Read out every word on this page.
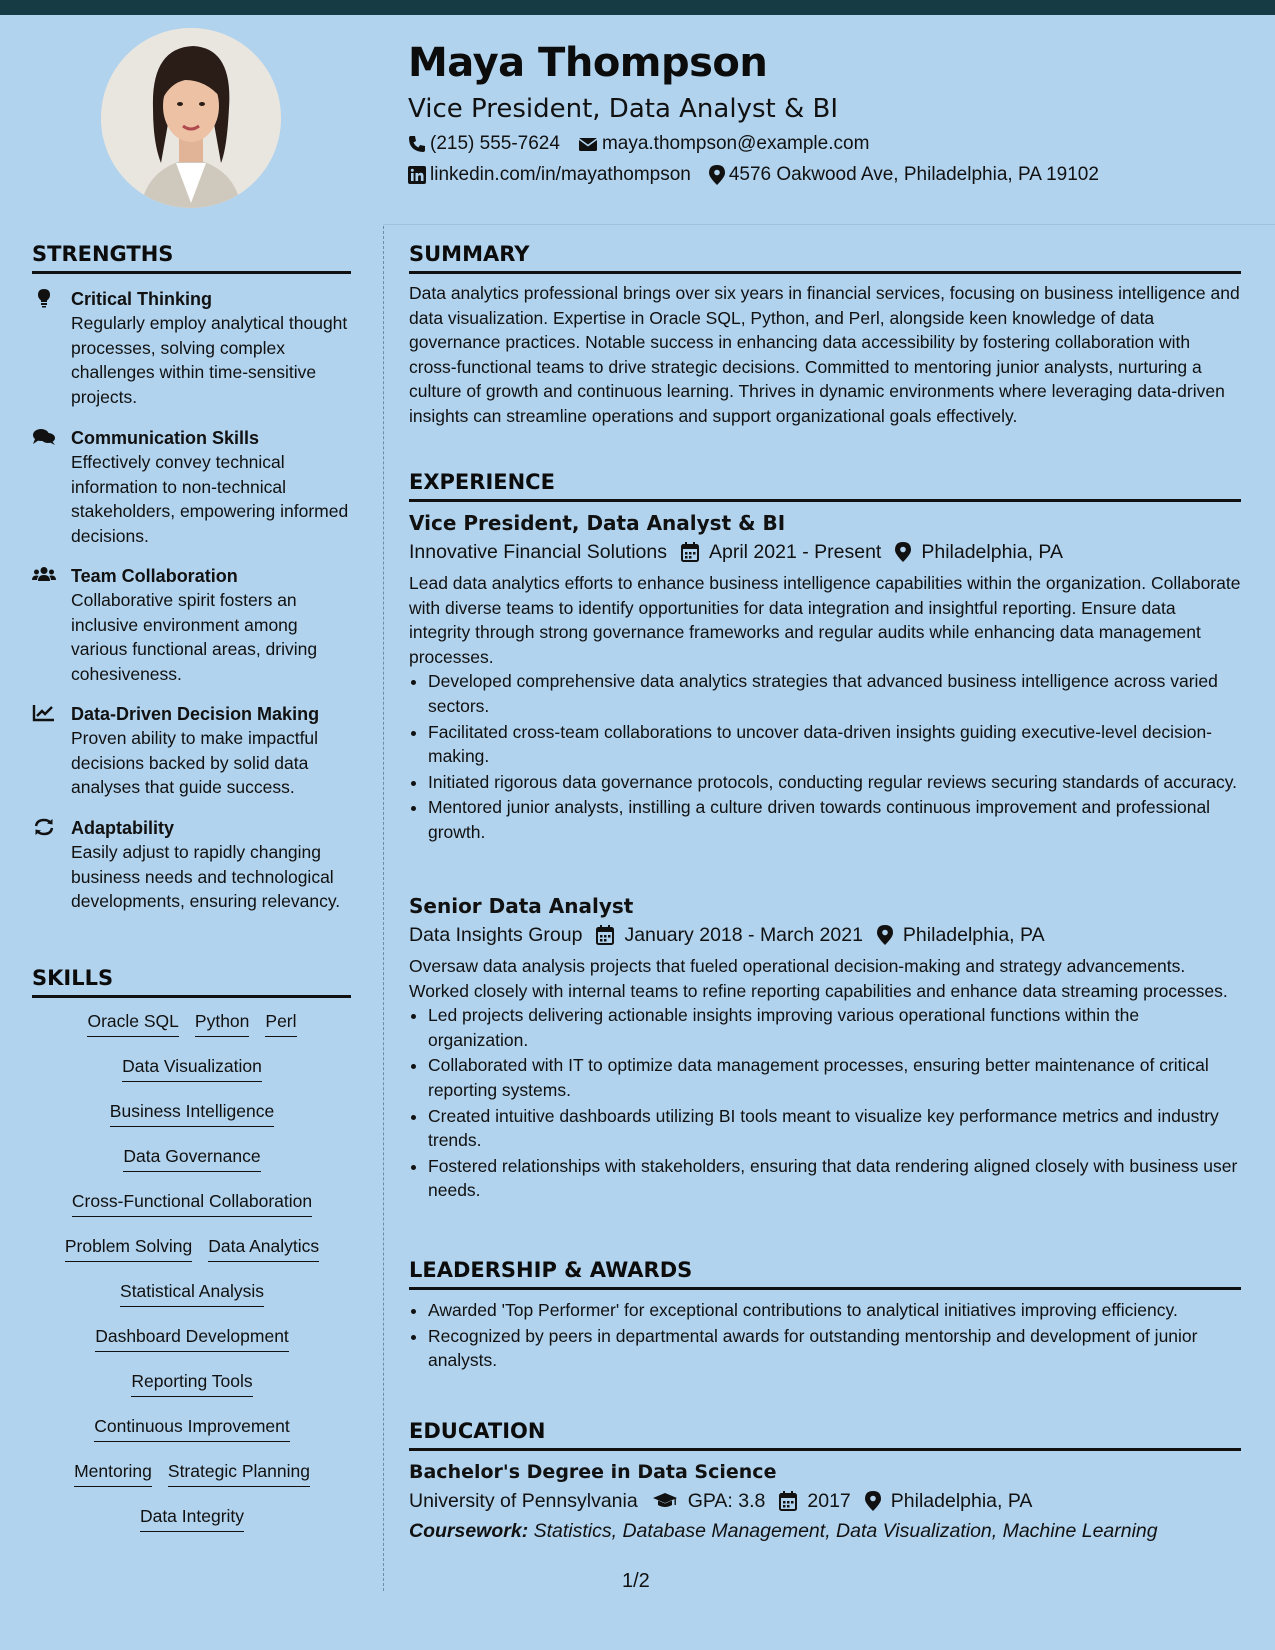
Maya Thompson
Vice President, Data Analyst & BI
(215) 555-7624 maya.thompson@example.com
linkedin.com/in/mayathompson 4576 Oakwood Ave, Philadelphia, PA 19102
STRENGTHS
Critical Thinking
Regularly employ analytical thought processes, solving complex challenges within time-sensitive projects.
Communication Skills
Effectively convey technical information to non-technical stakeholders, empowering informed decisions.
Team Collaboration
Collaborative spirit fosters an inclusive environment among various functional areas, driving cohesiveness.
Data-Driven Decision Making
Proven ability to make impactful decisions backed by solid data analyses that guide success.
Adaptability
Easily adjust to rapidly changing business needs and technological developments, ensuring relevancy.
SKILLS
Oracle SQL Python Perl
Data Visualization
Business Intelligence
Data Governance
Cross-Functional Collaboration
Problem Solving Data Analytics
Statistical Analysis
Dashboard Development
Reporting Tools
Continuous Improvement
Mentoring Strategic Planning
Data Integrity
SUMMARY
Data analytics professional brings over six years in financial services, focusing on business intelligence and data visualization. Expertise in Oracle SQL, Python, and Perl, alongside keen knowledge of data governance practices. Notable success in enhancing data accessibility by fostering collaboration with cross-functional teams to drive strategic decisions. Committed to mentoring junior analysts, nurturing a culture of growth and continuous learning. Thrives in dynamic environments where leveraging data-driven insights can streamline operations and support organizational goals effectively.
EXPERIENCE
Vice President, Data Analyst & BI
Innovative Financial Solutions April 2021 - Present Philadelphia, PA
Lead data analytics efforts to enhance business intelligence capabilities within the organization. Collaborate with diverse teams to identify opportunities for data integration and insightful reporting. Ensure data integrity through strong governance frameworks and regular audits while enhancing data management processes.
• Developed comprehensive data analytics strategies that advanced business intelligence across varied sectors.
• Facilitated cross-team collaborations to uncover data-driven insights guiding executive-level decision-making.
• Initiated rigorous data governance protocols, conducting regular reviews securing standards of accuracy.
• Mentored junior analysts, instilling a culture driven towards continuous improvement and professional growth.
Senior Data Analyst
Data Insights Group January 2018 - March 2021 Philadelphia, PA
Oversaw data analysis projects that fueled operational decision-making and strategy advancements. Worked closely with internal teams to refine reporting capabilities and enhance data streaming processes.
• Led projects delivering actionable insights improving various operational functions within the organization.
• Collaborated with IT to optimize data management processes, ensuring better maintenance of critical reporting systems.
• Created intuitive dashboards utilizing BI tools meant to visualize key performance metrics and industry trends.
• Fostered relationships with stakeholders, ensuring that data rendering aligned closely with business user needs.
LEADERSHIP & AWARDS
• Awarded 'Top Performer' for exceptional contributions to analytical initiatives improving efficiency.
• Recognized by peers in departmental awards for outstanding mentorship and development of junior analysts.
EDUCATION
Bachelor's Degree in Data Science
University of Pennsylvania	GPA: 3.8 2017 Philadelphia, PA
Coursework: Statistics, Database Management, Data Visualization, Machine Learning
1/2
